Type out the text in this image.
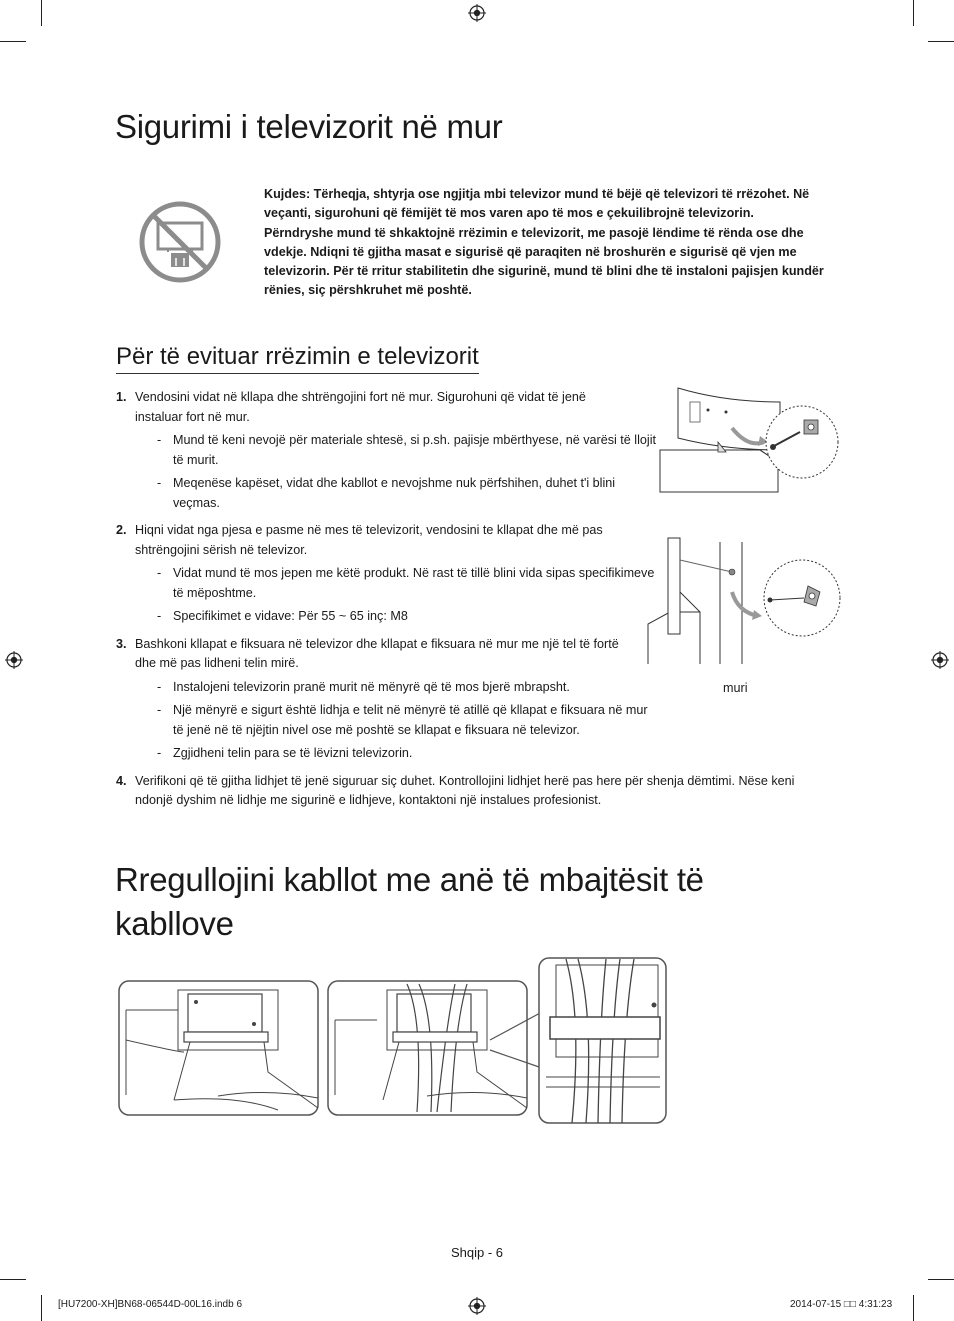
Sigurimi i televizorit në mur
Kujdes: Tërheqja, shtyrja ose ngjitja mbi televizor mund të bëjë që televizori të rrëzohet. Në veçanti, sigurohuni që fëmijët të mos varen apo të mos e çekuilibrojnë televizorin. Përndryshe mund të shkaktojnë rrëzimin e televizorit, me pasojë lëndime të rënda ose dhe vdekje. Ndiqni të gjitha masat e sigurisë që paraqiten në broshurën e sigurisë që vjen me televizorin. Për të rritur stabilitetin dhe sigurinë, mund të blini dhe të instaloni pajisjen kundër rënies, siç përshkruhet më poshtë.
Për të evituar rrëzimin e televizorit
1. Vendosini vidat në kllapa dhe shtrëngojini fort në mur. Sigurohuni që vidat të jenë instaluar fort në mur.
- Mund të keni nevojë për materiale shtesë, si p.sh. pajisje mbërthyese, në varësi të llojit të murit.
- Meqenëse kapëset, vidat dhe kabllot e nevojshme nuk përfshihen, duhet t'i blini veçmas.
2. Hiqni vidat nga pjesa e pasme në mes të televizorit, vendosini te kllapat dhe më pas shtrëngojini sërish në televizor.
- Vidat mund të mos jepen me këtë produkt. Në rast të tillë blini vida sipas specifikimeve të mëposhtme.
- Specifikimet e vidave: Për 55 ~ 65 inç: M8
3. Bashkoni kllapat e fiksuara në televizor dhe kllapat e fiksuara në mur me një tel të fortë dhe më pas lidheni telin mirë.
- Instalojeni televizorin pranë murit në mënyrë që të mos bjerë mbrapsht.
- Një mënyrë e sigurt është lidhja e telit në mënyrë të atillë që kllapat e fiksuara në mur të jenë në të njëjtin nivel ose më poshtë se kllapat e fiksuara në televizor.
- Zgjidheni telin para se të lëvizni televizorin.
4. Verifikoni që të gjitha lidhjet të jenë siguruar siç duhet. Kontrollojini lidhjet herë pas here për shenja dëmtimi. Nëse keni ndonjë dyshim në lidhje me sigurinë e lidhjeve, kontaktoni një instalues profesionist.
muri
Rregullojini kabllot me anë të mbajtësit të
kabllove
Shqip - 6
[HU7200-XH]BN68-06544D-00L16.indb 6	2014-07-15 □□ 4:31:23
